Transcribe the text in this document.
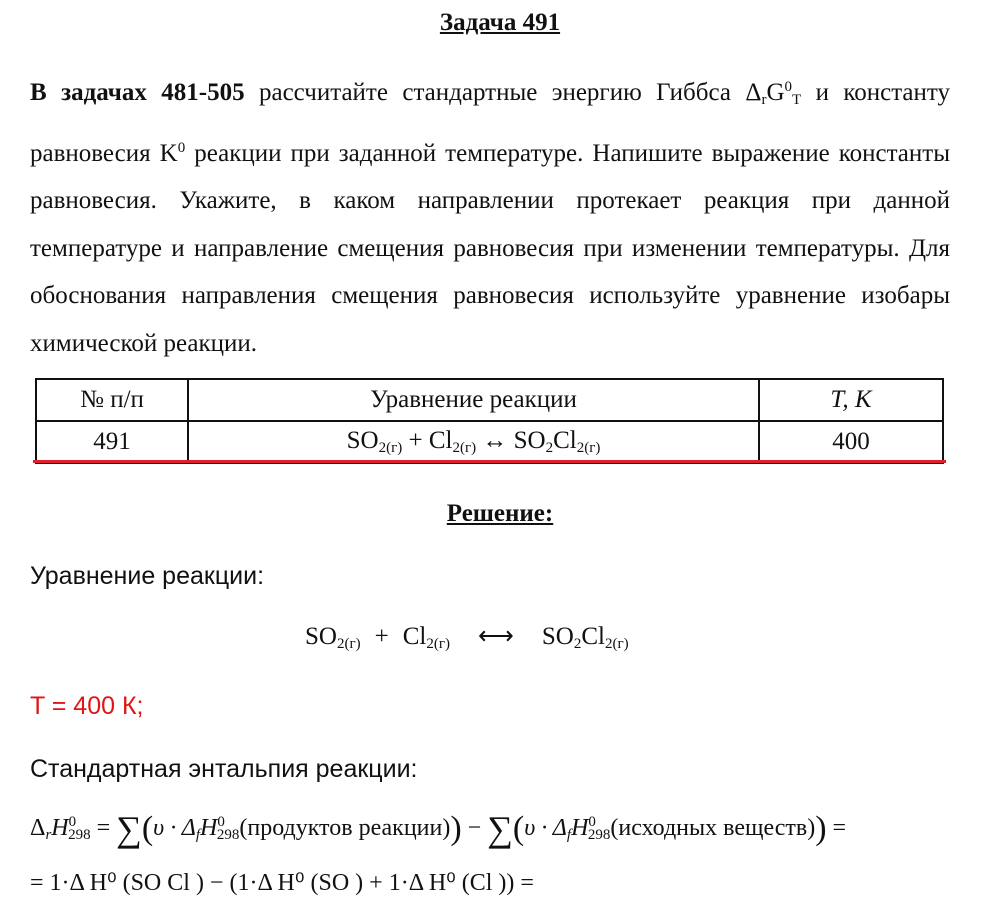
Задача 491
В задачах 481-505 рассчитайте стандартные энергию Гиббса $\Delta_rG^0_T$ и константу равновесия $K^0$ реакции при заданной температуре. Напишите выражение константы равновесия. Укажите, в каком направлении протекает реакция при данной температуре и направление смещения равновесия при изменении температуры. Для обоснования направления смещения равновесия используйте уравнение изобары химической реакции.
№ п/п	Уравнение реакции	T, K
491	$SO_{2(г)} + Cl_{2(г)}$ ↔ $SO_2Cl_{2(г)}$	400
Решение:
Уравнение реакции:
$SO_{2(г)} + Cl_{2(г)}$ ⟷ $SO_2Cl_{2(г)}$
T = 400 К;
Стандартная энтальпия реакции:
$\Delta_rH^0_{298} = \sum(\upsilon$ · $\Delta_fH^0_{298}(продуктов$ реакции)) − $\sum(\upsilon \cdot \Delta_fH^0_{298}(исходных$ веществ)) =
= 1·Δ H⁰ (SO Cl ) − (1·Δ H⁰ (SO ) + 1·Δ H⁰ (Cl )) =
